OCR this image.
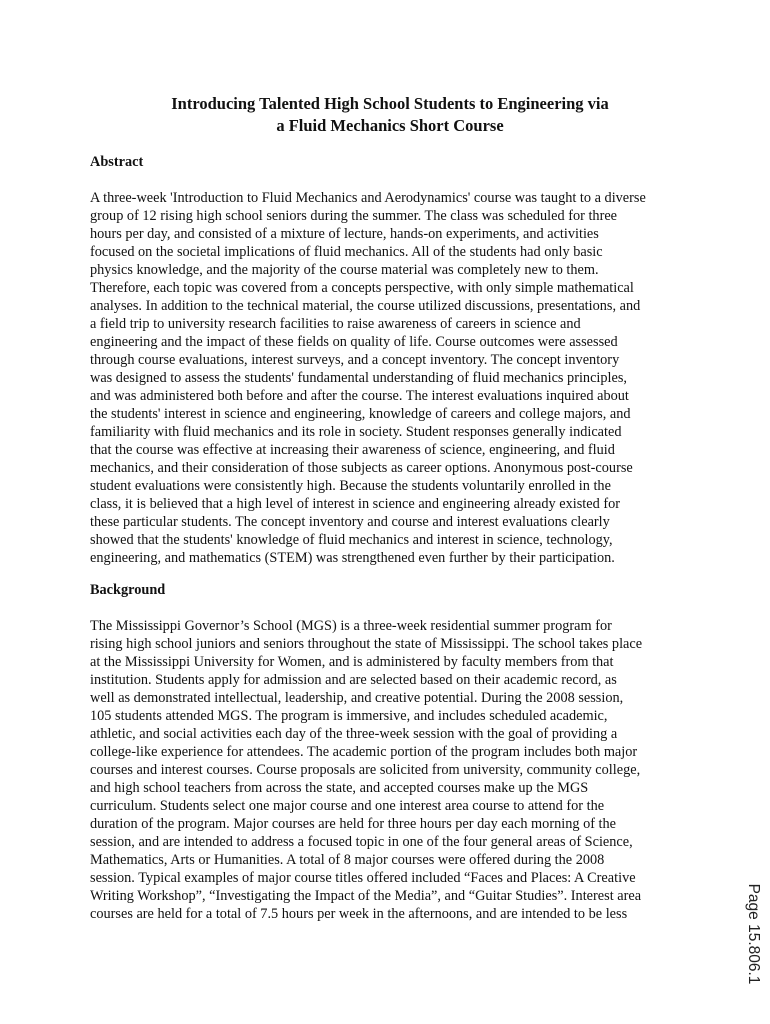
Introducing Talented High School Students to Engineering via
a Fluid Mechanics Short Course
Abstract
A three-week 'Introduction to Fluid Mechanics and Aerodynamics' course was taught to a diverse
group of 12 rising high school seniors during the summer. The class was scheduled for three
hours per day, and consisted of a mixture of lecture, hands-on experiments, and activities
focused on the societal implications of fluid mechanics. All of the students had only basic
physics knowledge, and the majority of the course material was completely new to them.
Therefore, each topic was covered from a concepts perspective, with only simple mathematical
analyses. In addition to the technical material, the course utilized discussions, presentations, and
a field trip to university research facilities to raise awareness of careers in science and
engineering and the impact of these fields on quality of life. Course outcomes were assessed
through course evaluations, interest surveys, and a concept inventory. The concept inventory
was designed to assess the students' fundamental understanding of fluid mechanics principles,
and was administered both before and after the course. The interest evaluations inquired about
the students' interest in science and engineering, knowledge of careers and college majors, and
familiarity with fluid mechanics and its role in society. Student responses generally indicated
that the course was effective at increasing their awareness of science, engineering, and fluid
mechanics, and their consideration of those subjects as career options. Anonymous post-course
student evaluations were consistently high. Because the students voluntarily enrolled in the
class, it is believed that a high level of interest in science and engineering already existed for
these particular students. The concept inventory and course and interest evaluations clearly
showed that the students' knowledge of fluid mechanics and interest in science, technology,
engineering, and mathematics (STEM) was strengthened even further by their participation.
Background
The Mississippi Governor’s School (MGS) is a three-week residential summer program for
rising high school juniors and seniors throughout the state of Mississippi. The school takes place
at the Mississippi University for Women, and is administered by faculty members from that
institution. Students apply for admission and are selected based on their academic record, as
well as demonstrated intellectual, leadership, and creative potential. During the 2008 session,
105 students attended MGS. The program is immersive, and includes scheduled academic,
athletic, and social activities each day of the three-week session with the goal of providing a
college-like experience for attendees. The academic portion of the program includes both major
courses and interest courses. Course proposals are solicited from university, community college,
and high school teachers from across the state, and accepted courses make up the MGS
curriculum. Students select one major course and one interest area course to attend for the
duration of the program. Major courses are held for three hours per day each morning of the
session, and are intended to address a focused topic in one of the four general areas of Science,
Mathematics, Arts or Humanities. A total of 8 major courses were offered during the 2008
session. Typical examples of major course titles offered included “Faces and Places: A Creative
Writing Workshop”, “Investigating the Impact of the Media”, and “Guitar Studies”. Interest area
courses are held for a total of 7.5 hours per week in the afternoons, and are intended to be less	Page 15.806.1
